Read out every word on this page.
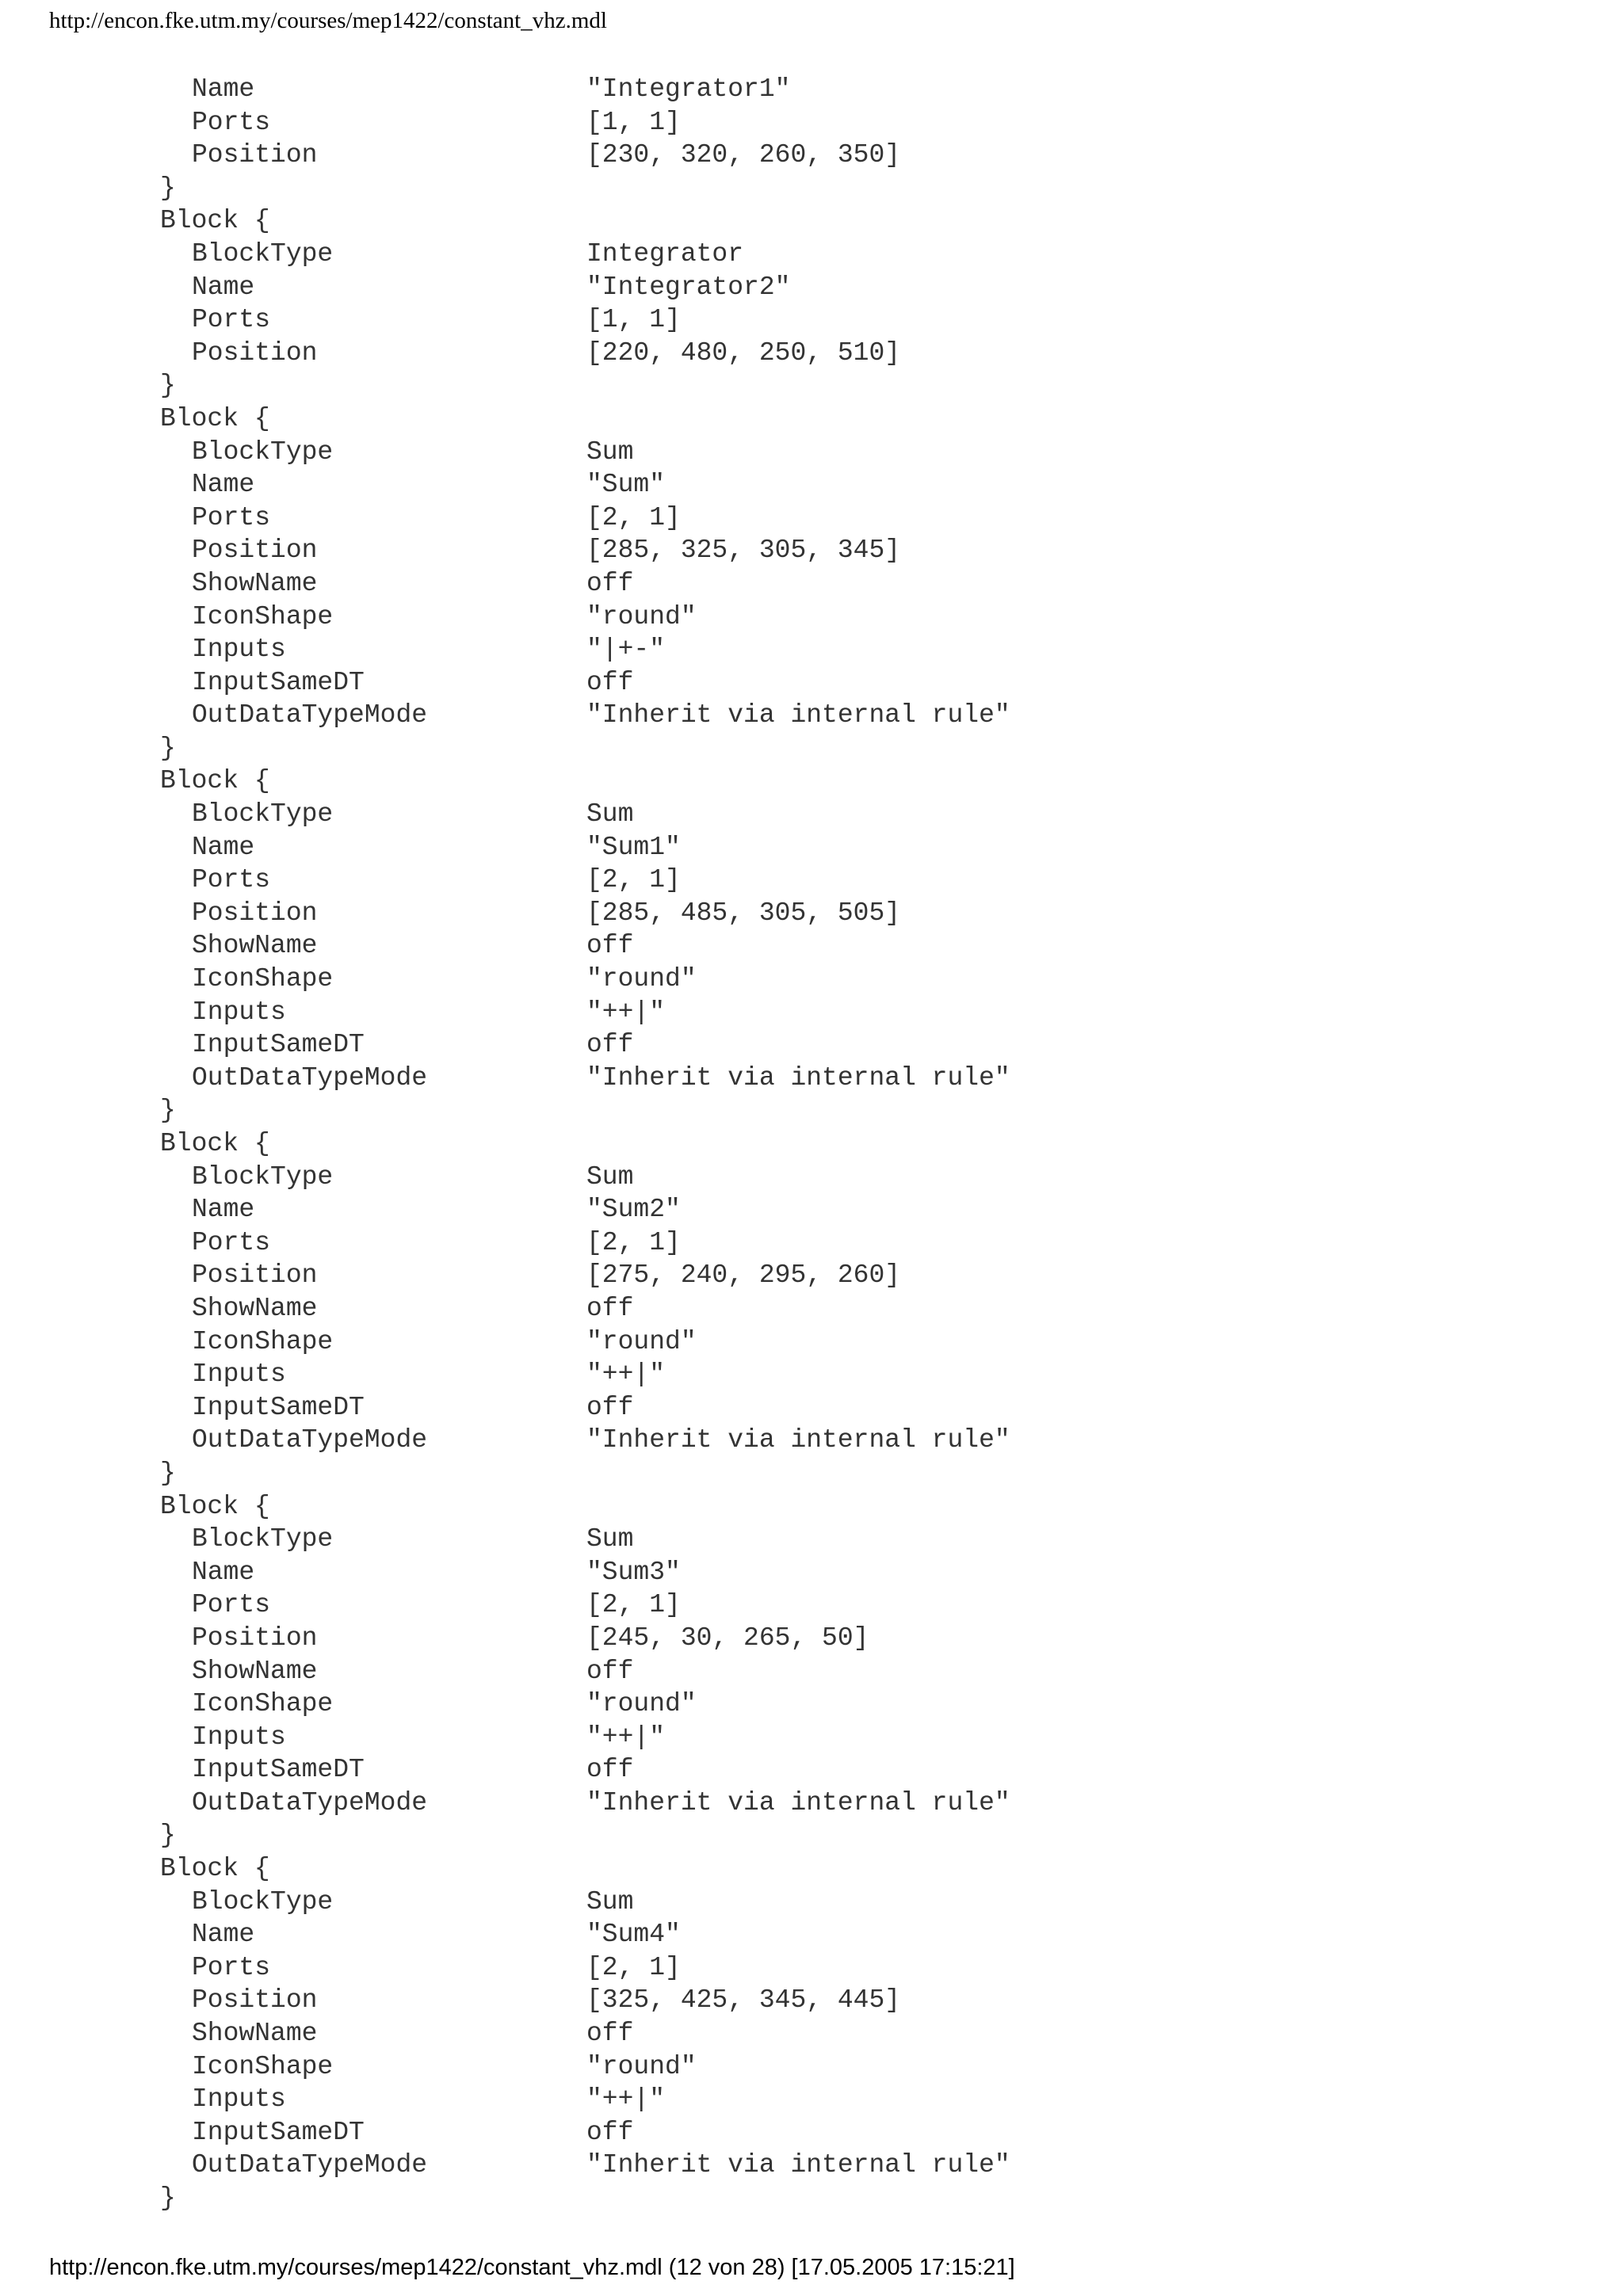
http://encon.fke.utm.my/courses/mep1422/constant_vhz.mdl
Name	"Integrator1"
Ports	[1, 1]
Position	[230, 320, 260, 350]
}
Block {
BlockType	Integrator
Name	"Integrator2"
Ports	[1, 1]
Position	[220, 480, 250, 510]
}
Block {
BlockType	Sum
Name	"Sum"
Ports	[2, 1]
Position	[285, 325, 305, 345]
ShowName	off
IconShape	"round"
Inputs	"|+-"
InputSameDT	off
OutDataTypeMode	"Inherit via internal rule"
}
Block {
BlockType	Sum
Name	"Sum1"
Ports	[2, 1]
Position	[285, 485, 305, 505]
ShowName	off
IconShape	"round"
Inputs	"++|"
InputSameDT	off
OutDataTypeMode	"Inherit via internal rule"
}
Block {
BlockType	Sum
Name	"Sum2"
Ports	[2, 1]
Position	[275, 240, 295, 260]
ShowName	off
IconShape	"round"
Inputs	"++|"
InputSameDT	off
OutDataTypeMode	"Inherit via internal rule"
}
Block {
BlockType	Sum
Name	"Sum3"
Ports	[2, 1]
Position	[245, 30, 265, 50]
ShowName	off
IconShape	"round"
Inputs	"++|"
InputSameDT	off
OutDataTypeMode	"Inherit via internal rule"
}
Block {
BlockType	Sum
Name	"Sum4"
Ports	[2, 1]
Position	[325, 425, 345, 445]
ShowName	off
IconShape	"round"
Inputs	"++|"
InputSameDT	off
OutDataTypeMode	"Inherit via internal rule"
}
http://encon.fke.utm.my/courses/mep1422/constant_vhz.mdl (12 von 28) [17.05.2005 17:15:21]
